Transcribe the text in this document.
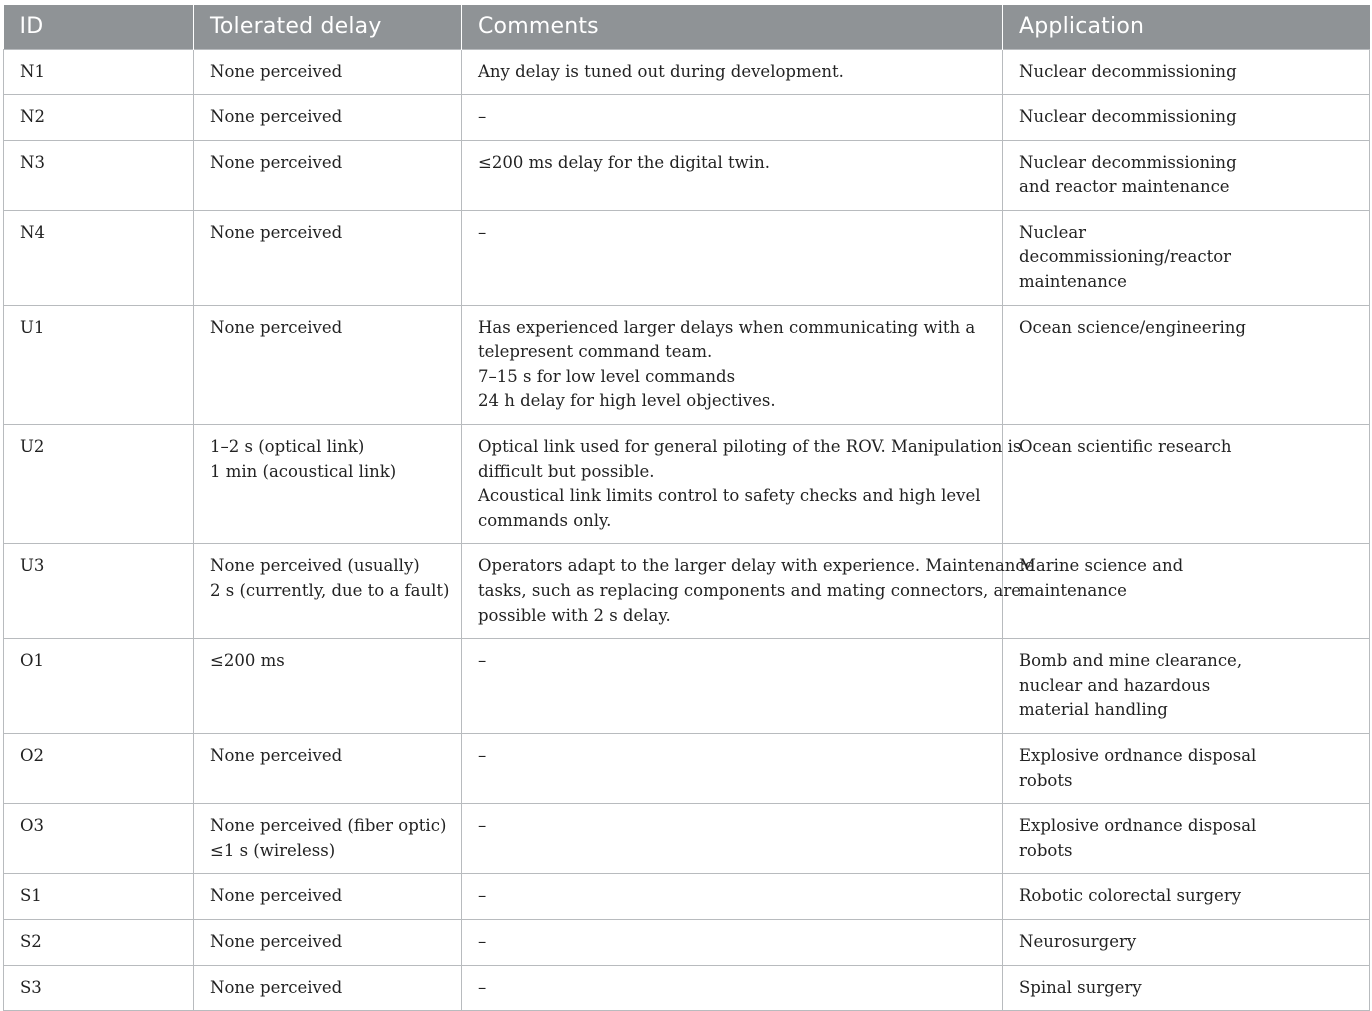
ID	Tolerated delay	Comments	Application
N1	None perceived	Any delay is tuned out during development.	Nuclear decommissioning

N2	None perceived	–	Nuclear decommissioning

N3	None perceived	≤200 ms delay for the digital twin.	Nuclear decommissioning
and reactor maintenance

N4	None perceived	–	Nuclear
decommissioning/reactor
maintenance

U1	None perceived	Has experienced larger delays when communicating with a
telepresent command team.
7–15 s for low level commands
24 h delay for high level objectives.	Ocean science/engineering

U2	1–2 s (optical link)
1 min (acoustical link)	Optical link used for general piloting of the ROV. Manipulation is
difficult but possible.
Acoustical link limits control to safety checks and high level
commands only.	Ocean scientific research

U3	None perceived (usually)
2 s (currently, due to a fault)	Operators adapt to the larger delay with experience. Maintenance
tasks, such as replacing components and mating connectors, are
possible with 2 s delay.	Marine science and
maintenance

O1	≤200 ms	–	Bomb and mine clearance,
nuclear and hazardous
material handling

O2	None perceived	–	Explosive ordnance disposal
robots

O3	None perceived (fiber optic)
≤1 s (wireless)	–	Explosive ordnance disposal
robots

S1	None perceived	–	Robotic colorectal surgery

S2	None perceived	–	Neurosurgery

S3	None perceived	–	Spinal surgery
